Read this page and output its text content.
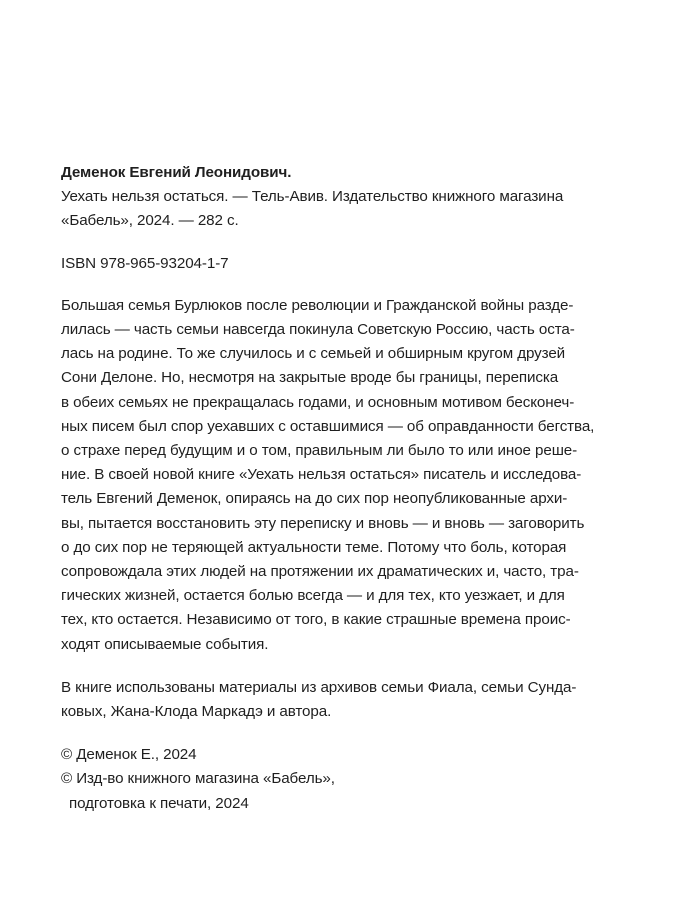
Деменок Евгений Леонидович.
Уехать нельзя остаться. — Тель-Авив. Издательство книжного магазина
«Бабель», 2024. — 282 с.
ISBN 978-965-93204-1-7
Большая семья Бурлюков после революции и Гражданской войны разде-
лилась — часть семьи навсегда покинула Советскую Россию, часть оста-
лась на родине. То же случилось и с семьей и обширным кругом друзей
Сони Делоне. Но, несмотря на закрытые вроде бы границы, переписка
в обеих семьях не прекращалась годами, и основным мотивом бесконеч-
ных писем был спор уехавших с оставшимися — об оправданности бегства,
о страхе перед будущим и о том, правильным ли было то или иное реше-
ние. В своей новой книге «Уехать нельзя остаться» писатель и исследова-
тель Евгений Деменок, опираясь на до сих пор неопубликованные архи-
вы, пытается восстановить эту переписку и вновь — и вновь — заговорить
о до сих пор не теряющей актуальности теме. Потому что боль, которая
сопровождала этих людей на протяжении их драматических и, часто, тра-
гических жизней, остается болью всегда — и для тех, кто уезжает, и для
тех, кто остается. Независимо от того, в какие страшные времена проис-
ходят описываемые события.
В книге использованы материалы из архивов семьи Фиала, семьи Сунда-
ковых, Жана-Клода Маркадэ и автора.
© Деменок Е., 2024
© Изд-во книжного магазина «Бабель»,
подготовка к печати, 2024
